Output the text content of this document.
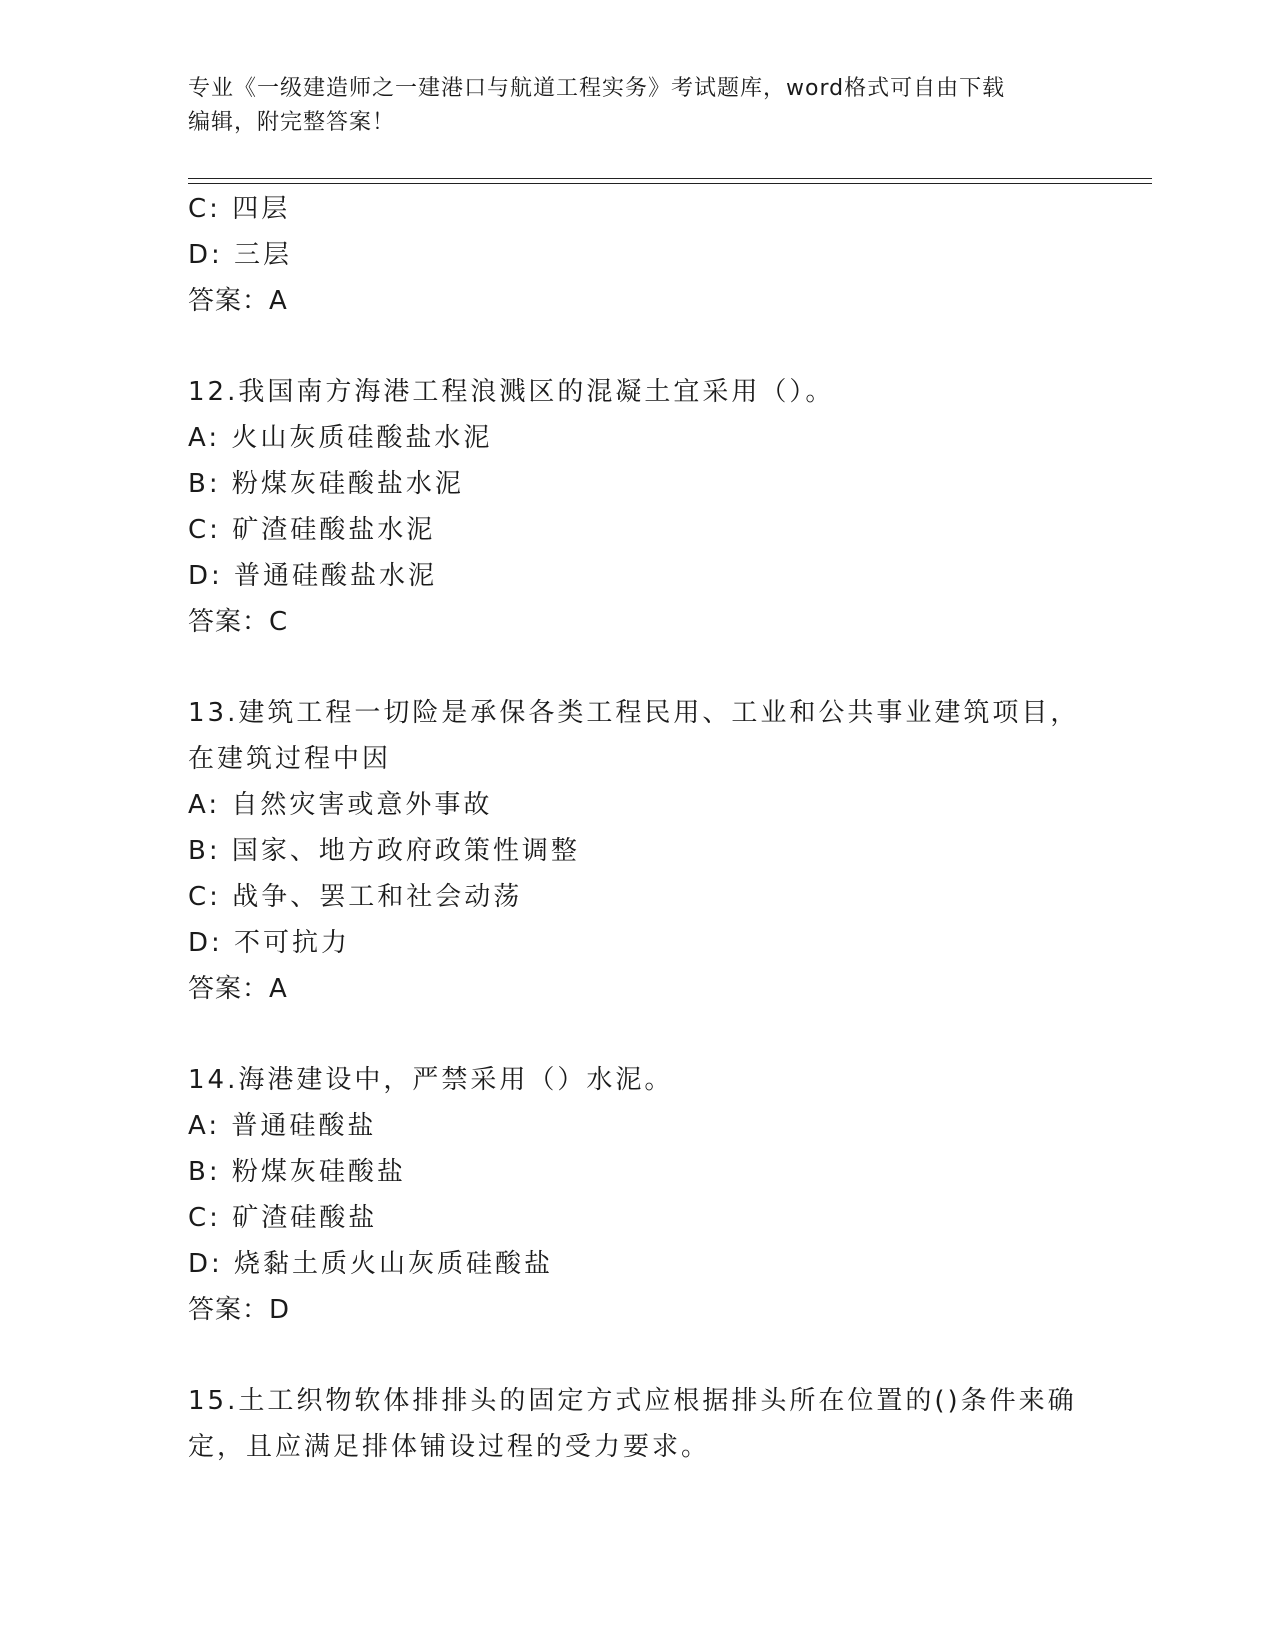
专业《一级建造师之一建港口与航道工程实务》考试题库，word格式可自由下载
编辑，附完整答案！
C: 四层
D: 三层
答案：A
12.我国南方海港工程浪溅区的混凝土宜采用（）。
A: 火山灰质硅酸盐水泥
B: 粉煤灰硅酸盐水泥
C: 矿渣硅酸盐水泥
D: 普通硅酸盐水泥
答案：C
13.建筑工程一切险是承保各类工程民用、工业和公共事业建筑项目，
在建筑过程中因
A: 自然灾害或意外事故
B: 国家、地方政府政策性调整
C: 战争、罢工和社会动荡
D: 不可抗力
答案：A
14.海港建设中，严禁采用（）水泥。
A: 普通硅酸盐
B: 粉煤灰硅酸盐
C: 矿渣硅酸盐
D: 烧黏土质火山灰质硅酸盐
答案：D
15.土工织物软体排排头的固定方式应根据排头所在位置的()条件来确
定，且应满足排体铺设过程的受力要求。
